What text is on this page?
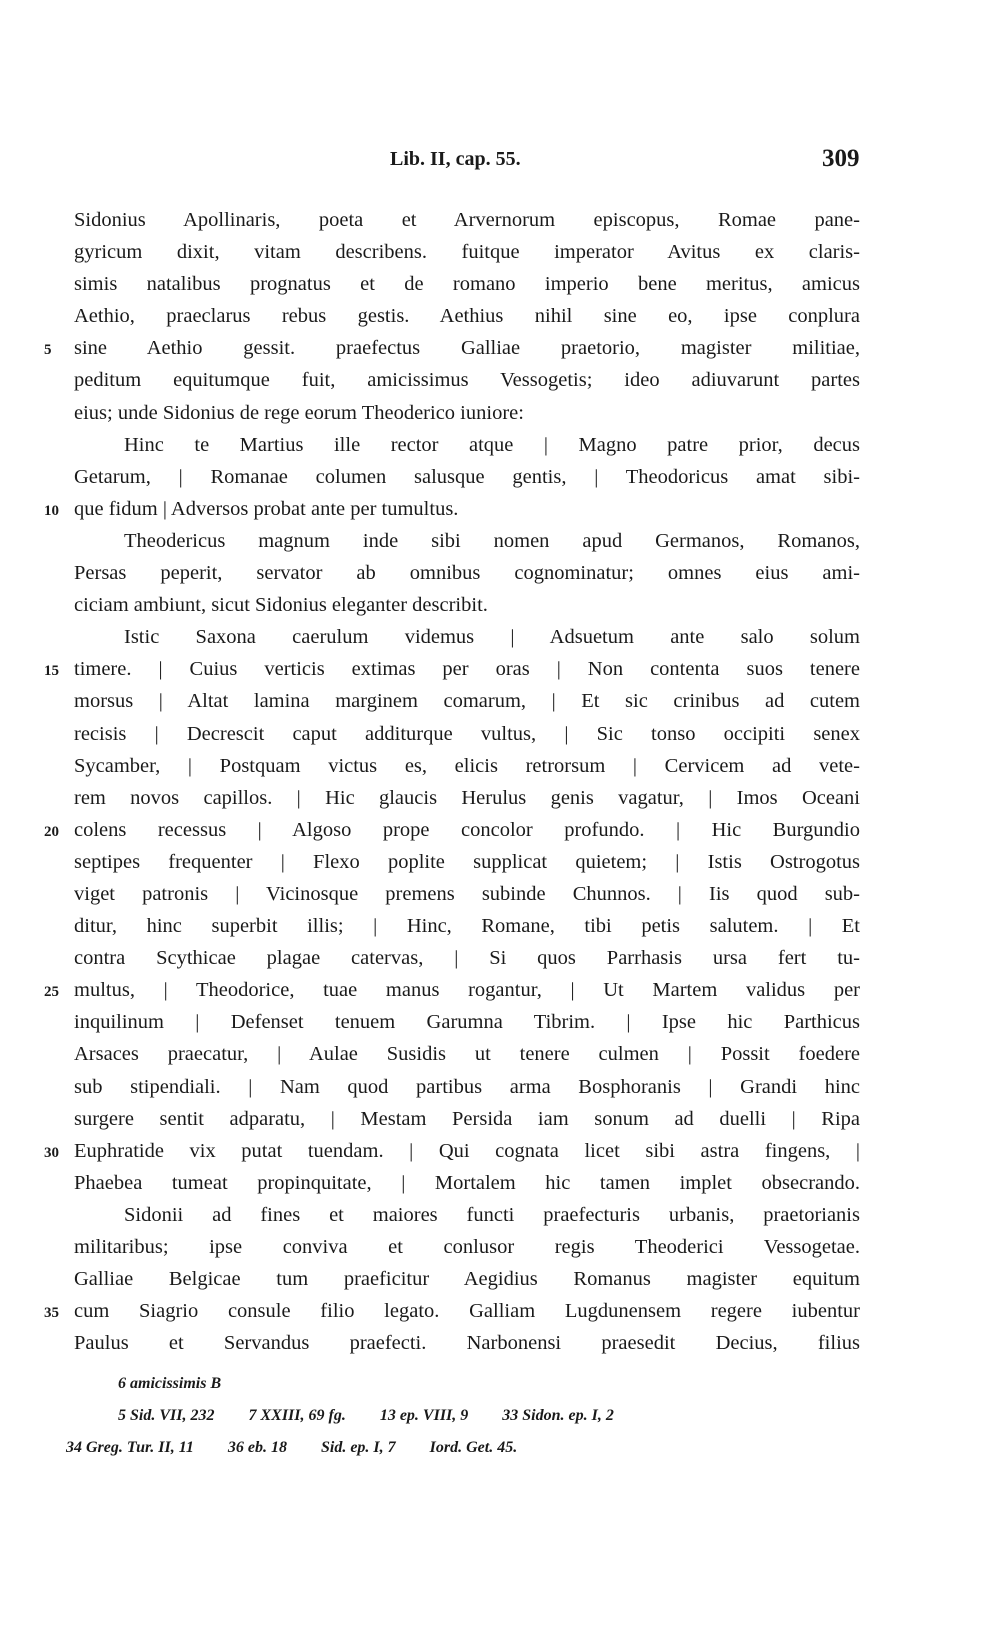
Lib. II, cap. 55.	309
Sidonius Apollinaris, poeta et Arvernorum episcopus, Romae pane-
gyricum dixit, vitam describens. fuitque imperator Avitus ex claris-
simis natalibus prognatus et de romano imperio bene meritus, amicus
Aethio, praeclarus rebus gestis. Aethius nihil sine eo, ipse conplura
5	sine Aethio gessit. praefectus Galliae praetorio, magister militiae,
peditum equitumque fuit, amicissimus Vessogetis; ideo adiuvarunt partes
eius; unde Sidonius de rege eorum Theoderico iuniore:
Hinc te Martius ille rector atque | Magno patre prior, decus
Getarum, | Romanae columen salusque gentis, | Theodoricus amat sibi-
10 que fidum | Adversos probat ante per tumultus.
Theodericus magnum inde sibi nomen apud Germanos, Romanos,
Persas peperit, servator ab omnibus cognominatur; omnes eius ami-
ciciam ambiunt, sicut Sidonius eleganter describit.
Istic Saxona caerulum videmus | Adsuetum ante salo solum
15 timere. | Cuius verticis extimas per oras | Non contenta suos tenere
morsus | Altat lamina marginem comarum, | Et sic crinibus ad cutem
recisis | Decrescit caput additurque vultus, | Sic tonso occipiti senex
Sycamber, | Postquam victus es, elicis retrorsum | Cervicem ad vete-
rem novos capillos. | Hic glaucis Herulus genis vagatur, | Imos Oceani
20 colens recessus | Algoso prope concolor profundo. | Hic Burgundio
septipes frequenter | Flexo poplite supplicat quietem; | Istis Ostrogotus
viget patronis | Vicinosque premens subinde Chunnos. | Iis quod sub-
ditur, hinc superbit illis; | Hinc, Romane, tibi petis salutem. | Et
contra Scythicae plagae catervas, | Si quos Parrhasis ursa fert tu-
25 multus, | Theodorice, tuae manus rogantur, | Ut Martem validus per
inquilinum | Defenset tenuem Garumna Tibrim. | Ipse hic Parthicus
Arsaces praecatur, | Aulae Susidis ut tenere culmen | Possit foedere
sub stipendiali. | Nam quod partibus arma Bosphoranis | Grandi hinc
surgere sentit adparatu, | Mestam Persida iam sonum ad duelli | Ripa
30 Euphratide vix putat tuendam. | Qui cognata licet sibi astra fingens, |
Phaebea tumeat propinquitate, | Mortalem hic tamen implet obsecrando.
Sidonii ad fines et maiores functi praefecturis urbanis, praetorianis
militaribus; ipse conviva et conlusor regis Theoderici Vessogetae.
Galliae Belgicae tum praeficitur Aegidius Romanus magister equitum
35 cum Siagrio consule filio legato. Galliam Lugdunensem regere iubentur
Paulus et Servandus praefecti. Narbonensi praesedit Decius, filius
6 amicissimis B
5 Sid. VII, 232 7 XXIII, 69 fg. 13 ep. VIII, 9 33 Sidon. ep. I, 2
34 Greg. Tur. II, 11 36 eb. 18 Sid. ep. I, 7 Iord. Get. 45.
